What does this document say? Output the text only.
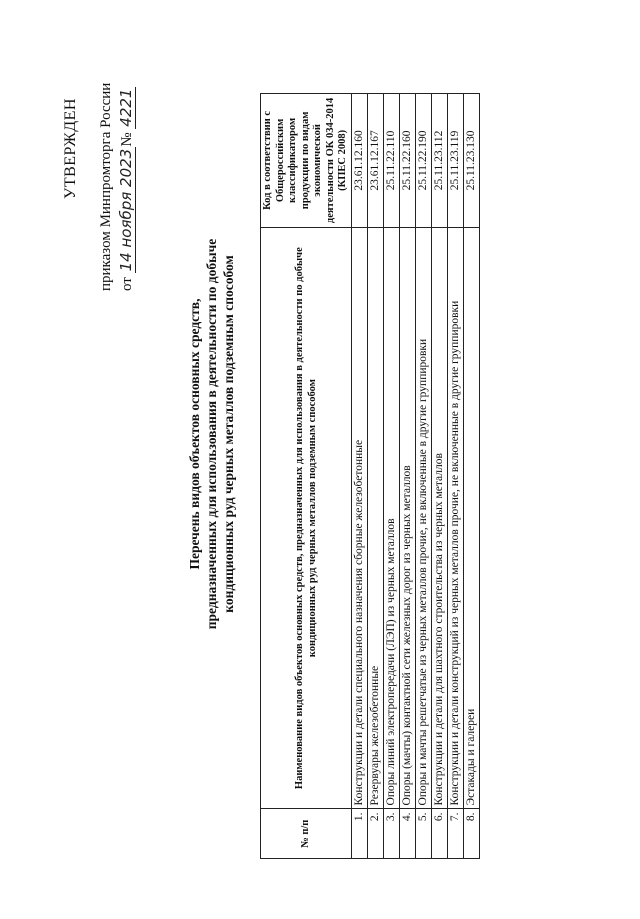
УТВЕРЖДЕН приказом Минпромторга России от 14 ноября 2023№ 4221
Перечень видов объектов основных средств, предназначенных для использования в деятельности по добыче кондиционных руд черных металлов подземным способом
№ п/п	Наименование видов объектов основных средств, предназначенных для использования в деятельности по добыче кондиционных руд черных металлов подземным способом	Код в соответствии с Общероссийским классификатором продукции по видам экономической деятельности ОК 034-2014 (КПЕС 2008)
1.	Конструкции и детали специального назначения сборные железобетонные	23.61.12.160
2.	Резервуары железобетонные	23.61.12.167
3.	Опоры линий электропередачи (ЛЭП) из черных металлов	25.11.22.110
4.	Опоры (мачты) контактной сети железных дорог из черных металлов	25.11.22.160
5.	Опоры и мачты решетчатые из черных металлов прочие, не включенные в другие группировки	25.11.22.190
6.	Конструкции и детали для шахтного строительства из черных металлов	25.11.23.112
7.	Конструкции и детали конструкций из черных металлов прочие, не включенные в другие группировки	25.11.23.119
8.	Эстакады и галереи	25.11.23.130
